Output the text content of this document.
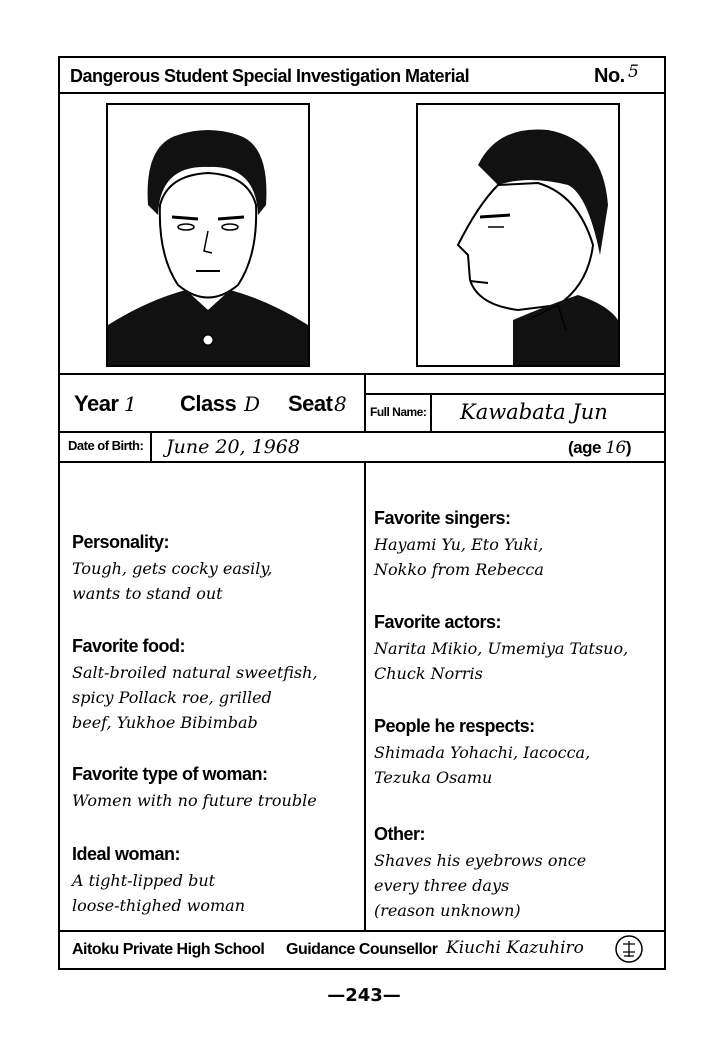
Dangerous Student Special Investigation Material	No. 5
Year 1 Class D Seat 8 Full Name: Kawabata Jun
Date of Birth: June 20, 1968	(age 16)
Personality:
Tough, gets cocky easily,
wants to stand out
Favorite food:
Salt-broiled natural sweetfish,
spicy Pollack roe, grilled
beef, Yukhoe Bibimbab
Favorite type of woman:
Women with no future trouble
Ideal woman:
A tight-lipped but
loose-thighed woman
Favorite singers:
Hayami Yu, Eto Yuki,
Nokko from Rebecca
Favorite actors:
Narita Mikio, Umemiya Tatsuo,
Chuck Norris
People he respects:
Shimada Yohachi, Iacocca,
Tezuka Osamu
Other:
Shaves his eyebrows once
every three days
(reason unknown)
Aitoku Private High School Guidance Counsellor Kiuchi Kazuhiro
—243—
